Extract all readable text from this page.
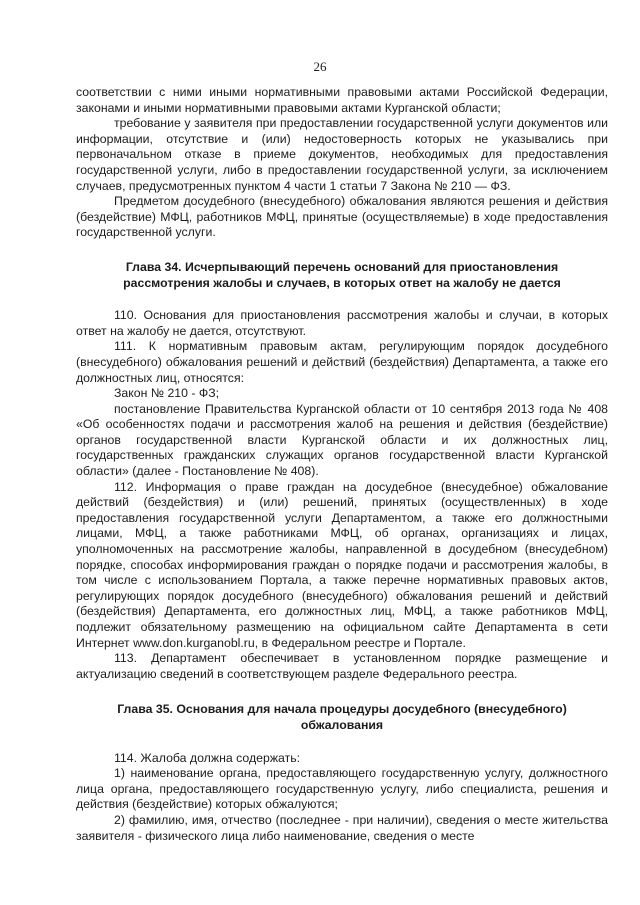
26

соответствии с ними иными нормативными правовыми актами Российской Федерации, законами и иными нормативными правовыми актами Курганской области;

требование у заявителя при предоставлении государственной услуги документов или информации, отсутствие и (или) недостоверность которых не указывались при первоначальном отказе в приеме документов, необходимых для предоставления государственной услуги, либо в предоставлении государственной услуги, за исключением случаев, предусмотренных пунктом 4 части 1 статьи 7 Закона № 210 — ФЗ.

Предметом досудебного (внесудебного) обжалования являются решения и действия (бездействие) МФЦ, работников МФЦ, принятые (осуществляемые) в ходе предоставления государственной услуги.

Глава 34. Исчерпывающий перечень оснований для приостановления рассмотрения жалобы и случаев, в которых ответ на жалобу не дается

110. Основания для приостановления рассмотрения жалобы и случаи, в которых ответ на жалобу не дается, отсутствуют.

111. К нормативным правовым актам, регулирующим порядок досудебного (внесудебного) обжалования решений и действий (бездействия) Департамента, а также его должностных лиц, относятся:

Закон № 210 - ФЗ;

постановление Правительства Курганской области от 10 сентября 2013 года № 408 «Об особенностях подачи и рассмотрения жалоб на решения и действия (бездействие) органов государственной власти Курганской области и их должностных лиц, государственных гражданских служащих органов государственной власти Курганской области» (далее - Постановление № 408).

112. Информация о праве граждан на досудебное (внесудебное) обжалование действий (бездействия) и (или) решений, принятых (осуществленных) в ходе предоставления государственной услуги Департаментом, а также его должностными лицами, МФЦ, а также работниками МФЦ, об органах, организациях и лицах, уполномоченных на рассмотрение жалобы, направленной в досудебном (внесудебном) порядке, способах информирования граждан о порядке подачи и рассмотрения жалобы, в том числе с использованием Портала, а также перечне нормативных правовых актов, регулирующих порядок досудебного (внесудебного) обжалования решений и действий (бездействия) Департамента, его должностных лиц, МФЦ, а также работников МФЦ, подлежит обязательному размещению на официальном сайте Департамента в сети Интернет www.don.kurganobl.ru, в Федеральном реестре и Портале.

113. Департамент обеспечивает в установленном порядке размещение и актуализацию сведений в соответствующем разделе Федерального реестра.

Глава 35. Основания для начала процедуры досудебного (внесудебного) обжалования

114. Жалоба должна содержать:

1) наименование органа, предоставляющего государственную услугу, должностного лица органа, предоставляющего государственную услугу, либо специалиста, решения и действия (бездействие) которых обжалуются;

2) фамилию, имя, отчество (последнее - при наличии), сведения о месте жительства заявителя - физического лица либо наименование, сведения о месте
